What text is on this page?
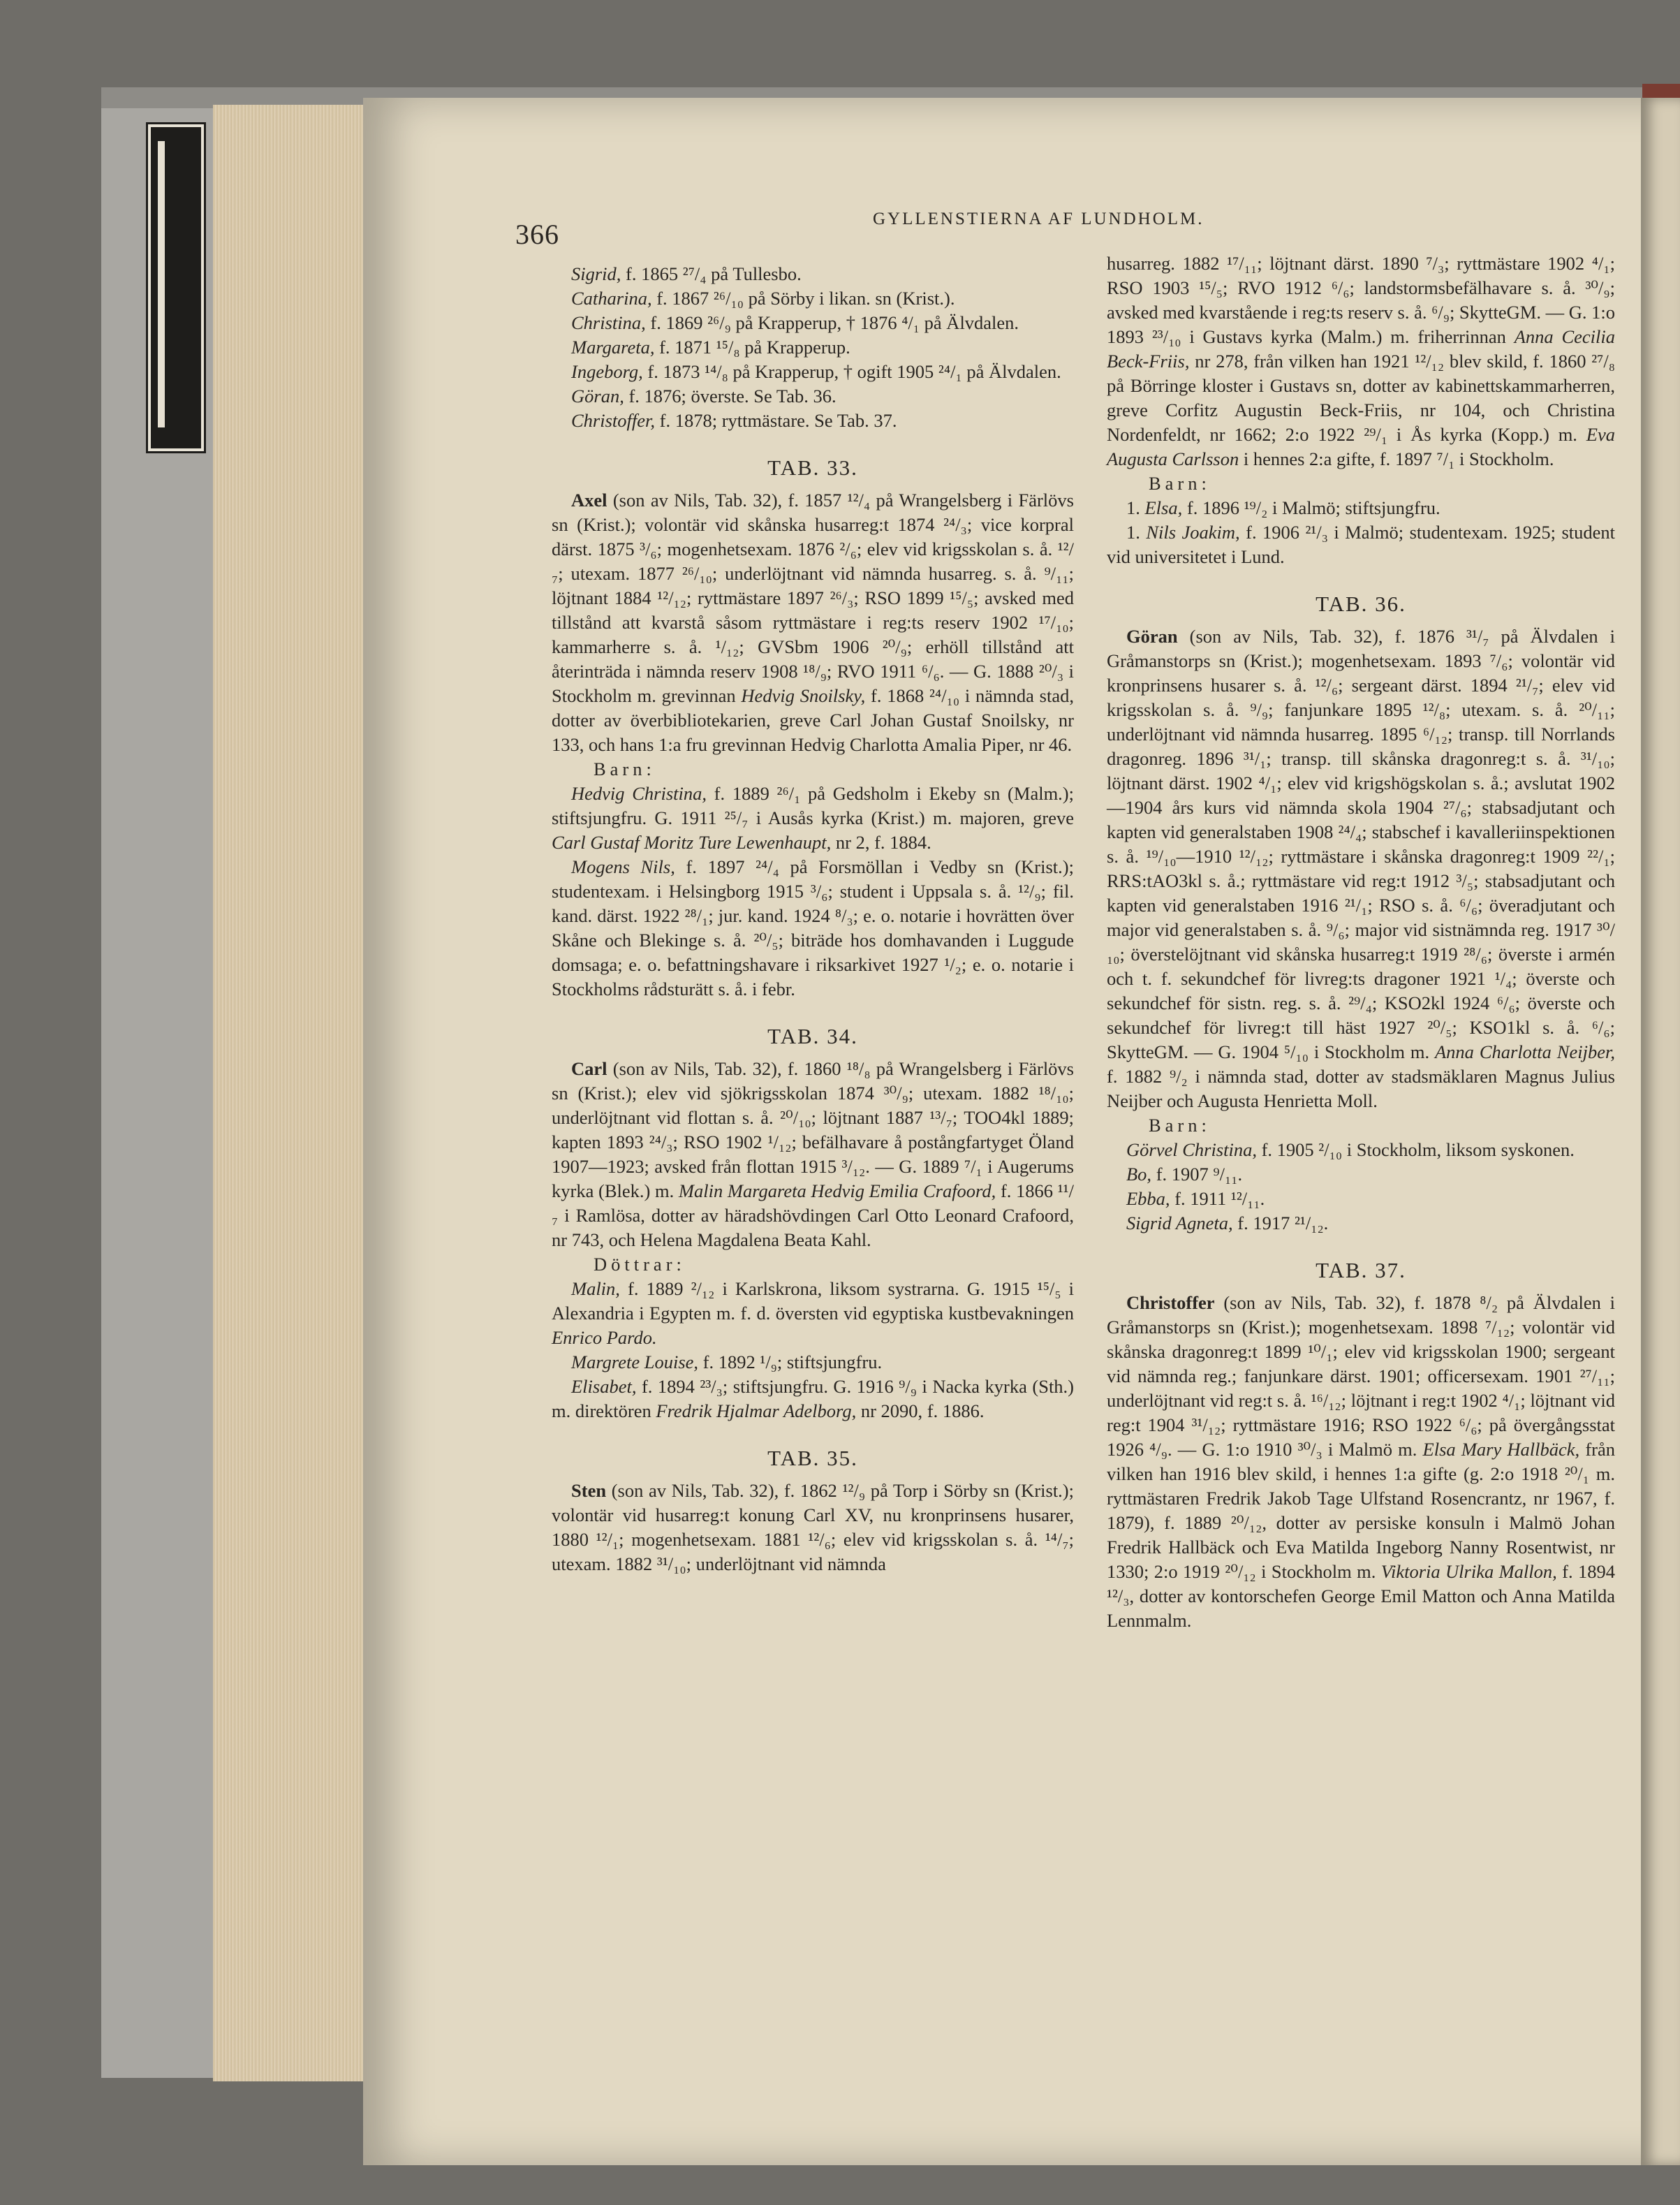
366	GYLLENSTIERNA AF LUNDHOLM.

Sigrid, f. 1865 ²⁷/₄ på Tullesbo.

Catharina, f. 1867 ²⁶/₁₀ på Sörby i likan. sn (Krist.).

Christina, f. 1869 ²⁶/₉ på Krapperup, † 1876 ⁴/₁ på Älvdalen.

Margareta, f. 1871 ¹⁵/₈ på Krapperup.

Ingeborg, f. 1873 ¹⁴/₈ på Krapperup, † ogift 1905 ²⁴/₁ på Älvdalen.

Göran, f. 1876; överste. Se Tab. 36.

Christoffer, f. 1878; ryttmästare. Se Tab. 37.

TAB. 33.

Axel (son av Nils, Tab. 32), f. 1857 ¹²/₄ på Wrangelsberg i Färlövs sn (Krist.); volontär vid skånska husarreg:t 1874 ²⁴/₃; vice korpral därst. 1875 ³/₆; mogenhetsexam. 1876 ²/₆; elev vid krigsskolan s. å. ¹²/₇; utexam. 1877 ²⁶/₁₀; underlöjtnant vid nämnda husarreg. s. å. ⁹/₁₁; löjtnant 1884 ¹²/₁₂; ryttmästare 1897 ²⁶/₃; RSO 1899 ¹⁵/₅; avsked med tillstånd att kvarstå såsom ryttmästare i reg:ts reserv 1902 ¹⁷/₁₀; kammarherre s. å. ¹/₁₂; GVSbm 1906 ²⁰/₉; erhöll tillstånd att återinträda i nämnda reserv 1908 ¹⁸/₉; RVO 1911 ⁶/₆. — G. 1888 ²⁰/₃ i Stockholm m. grevinnan Hedvig Snoilsky, f. 1868 ²⁴/₁₀ i nämnda stad, dotter av överbibliotekarien, greve Carl Johan Gustaf Snoilsky, nr 133, och hans 1:a fru grevinnan Hedvig Charlotta Amalia Piper, nr 46.

Barn:

Hedvig Christina, f. 1889 ²⁶/₁ på Gedsholm i Ekeby sn (Malm.); stiftsjungfru. G. 1911 ²⁵/₇ i Ausås kyrka (Krist.) m. majoren, greve Carl Gustaf Moritz Ture Lewenhaupt, nr 2, f. 1884.

Mogens Nils, f. 1897 ²⁴/₄ på Forsmöllan i Vedby sn (Krist.); studentexam. i Helsingborg 1915 ³/₆; student i Uppsala s. å. ¹²/₉; fil. kand. därst. 1922 ²⁸/₁; jur. kand. 1924 ⁸/₃; e. o. notarie i hovrätten över Skåne och Blekinge s. å. ²⁰/₅; biträde hos domhavanden i Luggude domsaga; e. o. befattningshavare i riksarkivet 1927 ¹/₂; e. o. notarie i Stockholms rådsturätt s. å. i febr.

TAB. 34.

Carl (son av Nils, Tab. 32), f. 1860 ¹⁸/₈ på Wrangelsberg i Färlövs sn (Krist.); elev vid sjökrigsskolan 1874 ³⁰/₉; utexam. 1882 ¹⁸/₁₀; underlöjtnant vid flottan s. å. ²⁰/₁₀; löjtnant 1887 ¹³/₇; TOO4kl 1889; kapten 1893 ²⁴/₃; RSO 1902 ¹/₁₂; befälhavare å postångfartyget Öland 1907—1923; avsked från flottan 1915 ³/₁₂. — G. 1889 ⁷/₁ i Augerums kyrka (Blek.) m. Malin Margareta Hedvig Emilia Crafoord, f. 1866 ¹¹/₇ i Ramlösa, dotter av häradshövdingen Carl Otto Leonard Crafoord, nr 743, och Helena Magdalena Beata Kahl.

Döttrar:

Malin, f. 1889 ²/₁₂ i Karlskrona, liksom systrarna. G. 1915 ¹⁵/₅ i Alexandria i Egypten m. f. d. översten vid egyptiska kustbevakningen Enrico Pardo.

Margrete Louise, f. 1892 ¹/₉; stiftsjungfru.

Elisabet, f. 1894 ²³/₃; stiftsjungfru. G. 1916 ⁹/₉ i Nacka kyrka (Sth.) m. direktören Fredrik Hjalmar Adelborg, nr 2090, f. 1886.

TAB. 35.

Sten (son av Nils, Tab. 32), f. 1862 ¹²/₉ på Torp i Sörby sn (Krist.); volontär vid husarreg:t konung Carl XV, nu kronprinsens husarer, 1880 ¹²/₁; mogenhetsexam. 1881 ¹²/₆; elev vid krigsskolan s. å. ¹⁴/₇; utexam. 1882 ³¹/₁₀; underlöjtnant vid nämnda

husarreg. 1882 ¹⁷/₁₁; löjtnant därst. 1890 ⁷/₃; ryttmästare 1902 ⁴/₁; RSO 1903 ¹⁵/₅; RVO 1912 ⁶/₆; landstormsbefälhavare s. å. ³⁰/₉; avsked med kvarstående i reg:ts reserv s. å. ⁶/₉; SkytteGM. — G. 1:o 1893 ²³/₁₀ i Gustavs kyrka (Malm.) m. friherrinnan Anna Cecilia Beck-Friis, nr 278, från vilken han 1921 ¹²/₁₂ blev skild, f. 1860 ²⁷/₈ på Börringe kloster i Gustavs sn, dotter av kabinettskammarherren, greve Corfitz Augustin Beck-Friis, nr 104, och Christina Nordenfeldt, nr 1662; 2:o 1922 ²⁹/₁ i Ås kyrka (Kopp.) m. Eva Augusta Carlsson i hennes 2:a gifte, f. 1897 ⁷/₁ i Stockholm.

Barn:

1. Elsa, f. 1896 ¹⁹/₂ i Malmö; stiftsjungfru.

1. Nils Joakim, f. 1906 ²¹/₃ i Malmö; studentexam. 1925; student vid universitetet i Lund.

TAB. 36.

Göran (son av Nils, Tab. 32), f. 1876 ³¹/₇ på Älvdalen i Gråmanstorps sn (Krist.); mogenhetsexam. 1893 ⁷/₆; volontär vid kronprinsens husarer s. å. ¹²/₆; sergeant därst. 1894 ²¹/₇; elev vid krigsskolan s. å. ⁹/₉; fanjunkare 1895 ¹²/₈; utexam. s. å. ²⁰/₁₁; underlöjtnant vid nämnda husarreg. 1895 ⁶/₁₂; transp. till Norrlands dragonreg. 1896 ³¹/₁; transp. till skånska dragonreg:t s. å. ³¹/₁₀; löjtnant därst. 1902 ⁴/₁; elev vid krigshögskolan s. å.; avslutat 1902—1904 års kurs vid nämnda skola 1904 ²⁷/₆; stabsadjutant och kapten vid generalstaben 1908 ²⁴/₄; stabschef i kavalleriinspektionen s. å. ¹⁹/₁₀—1910 ¹²/₁₂; ryttmästare i skånska dragonreg:t 1909 ²²/₁; RRS:tAO3kl s. å.; ryttmästare vid reg:t 1912 ³/₅; stabsadjutant och kapten vid generalstaben 1916 ²¹/₁; RSO s. å. ⁶/₆; överadjutant och major vid generalstaben s. å. ⁹/₆; major vid sistnämnda reg. 1917 ³⁰/₁₀; överstelöjtnant vid skånska husarreg:t 1919 ²⁸/₆; överste i armén och t. f. sekundchef för livreg:ts dragoner 1921 ¹/₄; överste och sekundchef för sistn. reg. s. å. ²⁹/₄; KSO2kl 1924 ⁶/₆; överste och sekundchef för livreg:t till häst 1927 ²⁰/₅; KSO1kl s. å. ⁶/₆; SkytteGM. — G. 1904 ⁵/₁₀ i Stockholm m. Anna Charlotta Neijber, f. 1882 ⁹/₂ i nämnda stad, dotter av stadsmäklaren Magnus Julius Neijber och Augusta Henrietta Moll.

Barn:

Görvel Christina, f. 1905 ²/₁₀ i Stockholm, liksom syskonen.

Bo, f. 1907 ⁹/₁₁.

Ebba, f. 1911 ¹²/₁₁.

Sigrid Agneta, f. 1917 ²¹/₁₂.

TAB. 37.

Christoffer (son av Nils, Tab. 32), f. 1878 ⁸/₂ på Älvdalen i Gråmanstorps sn (Krist.); mogenhetsexam. 1898 ⁷/₁₂; volontär vid skånska dragonreg:t 1899 ¹⁰/₁; elev vid krigsskolan 1900; sergeant vid nämnda reg.; fanjunkare därst. 1901; officersexam. 1901 ²⁷/₁₁; underlöjtnant vid reg:t s. å. ¹⁶/₁₂; löjtnant i reg:t 1902 ⁴/₁; löjtnant vid reg:t 1904 ³¹/₁₂; ryttmästare 1916; RSO 1922 ⁶/₆; på övergångsstat 1926 ⁴/₉. — G. 1:o 1910 ³⁰/₃ i Malmö m. Elsa Mary Hallbäck, från vilken han 1916 blev skild, i hennes 1:a gifte (g. 2:o 1918 ²⁰/₁ m. ryttmästaren Fredrik Jakob Tage Ulfstand Rosencrantz, nr 1967, f. 1879), f. 1889 ²⁰/₁₂, dotter av persiske konsuln i Malmö Johan Fredrik Hallbäck och Eva Matilda Ingeborg Nanny Rosentwist, nr 1330; 2:o 1919 ²⁰/₁₂ i Stockholm m. Viktoria Ulrika Mallon, f. 1894 ¹²/₃, dotter av kontorschefen George Emil Matton och Anna Matilda Lennmalm.
